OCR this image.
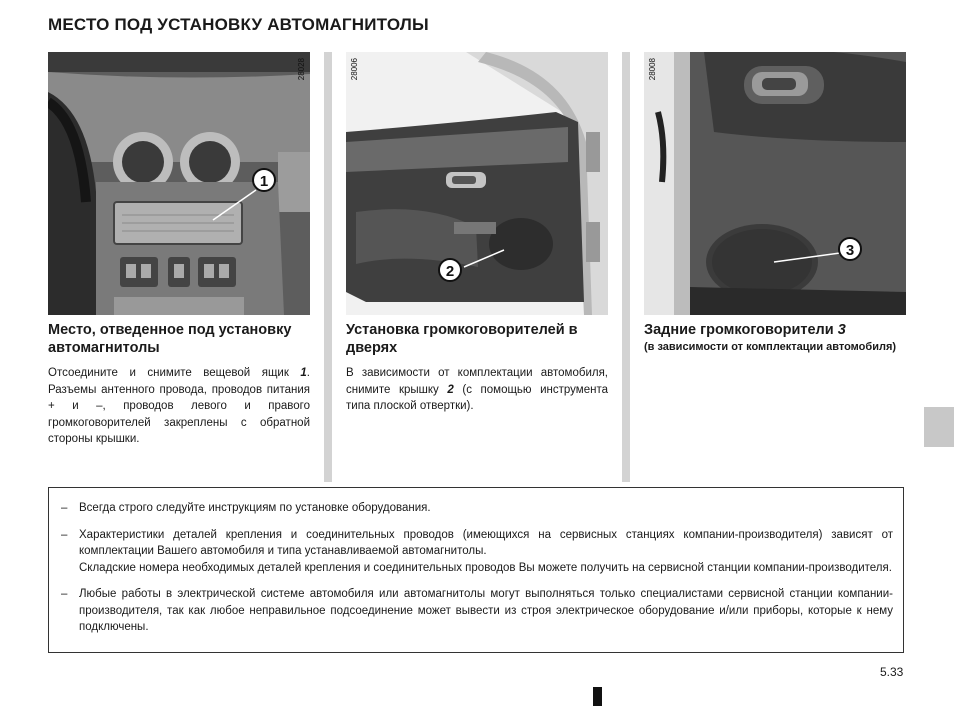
МЕСТО ПОД УСТАНОВКУ АВТОМАГНИТОЛЫ
1
28028
Место, отведенное под установку автомагнитолы
Отсоедините и снимите вещевой ящик 1. Разъемы антенного провода, проводов питания + и –, проводов левого и правого громкоговорителей закреплены с обратной стороны крышки.
2
28006
Установка громкоговорителей в дверях
В зависимости от комплектации автомобиля, снимите крышку 2 (с помощью инструмента типа плоской отвертки).
3
28008
Задние громкоговорители 3
(в зависимости от комплектации автомобиля)
–	Всегда строго следуйте инструкциям по установке оборудования.
–	Характеристики деталей крепления и соединительных проводов (имеющихся на сервисных станциях компании-производителя) зависят от комплектации Вашего автомобиля и типа устанавливаемой автомагнитолы.
Складские номера необходимых деталей крепления и соединительных проводов Вы можете получить на сервисной станции компании-производителя.
–	Любые работы в электрической системе автомобиля или автомагнитолы могут выполняться только специалистами сервисной станции компании-производителя, так как любое неправильное подсоединение может вывести из строя электрическое оборудование и/или приборы, которые к нему подключены.
5.33
